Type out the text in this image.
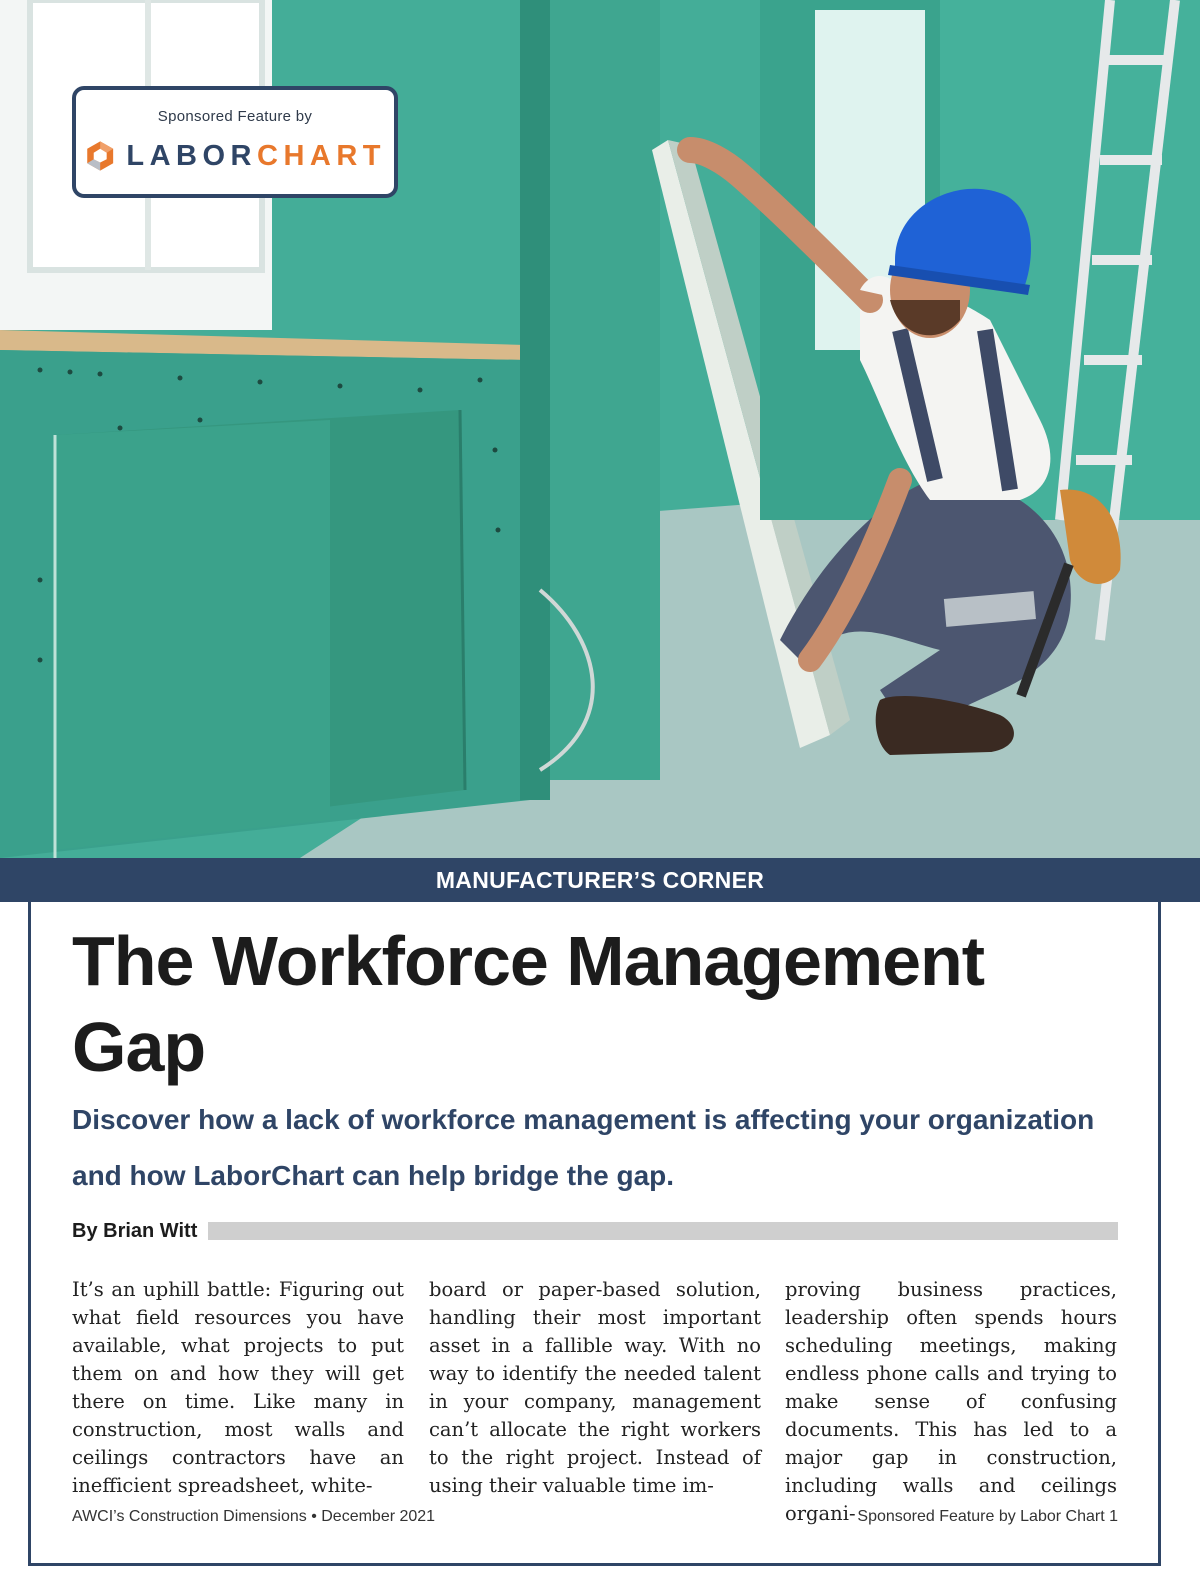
Sponsored Feature by
LABORCHART
MANUFACTURER’S CORNER
The Workforce Management Gap

Discover how a lack of workforce management is affecting your organization and how LaborChart can help bridge the gap.

By Brian Witt

It’s an uphill battle: Figuring out what field resources you have available, what projects to put them on and how they will get there on time. Like many in construction, most walls and ceilings contractors have an inefficient spreadsheet, white-

board or paper-based solution, handling their most important asset in a fallible way. With no way to identify the needed talent in your company, management can’t allocate the right workers to the right project. Instead of using their valuable time im-

proving business practices, leadership often spends hours scheduling meetings, making endless phone calls and trying to make sense of confusing documents. This has led to a major gap in construction, including walls and ceilings organi-

AWCI’s Construction Dimensions • December 2021	Sponsored Feature by Labor Chart 1
